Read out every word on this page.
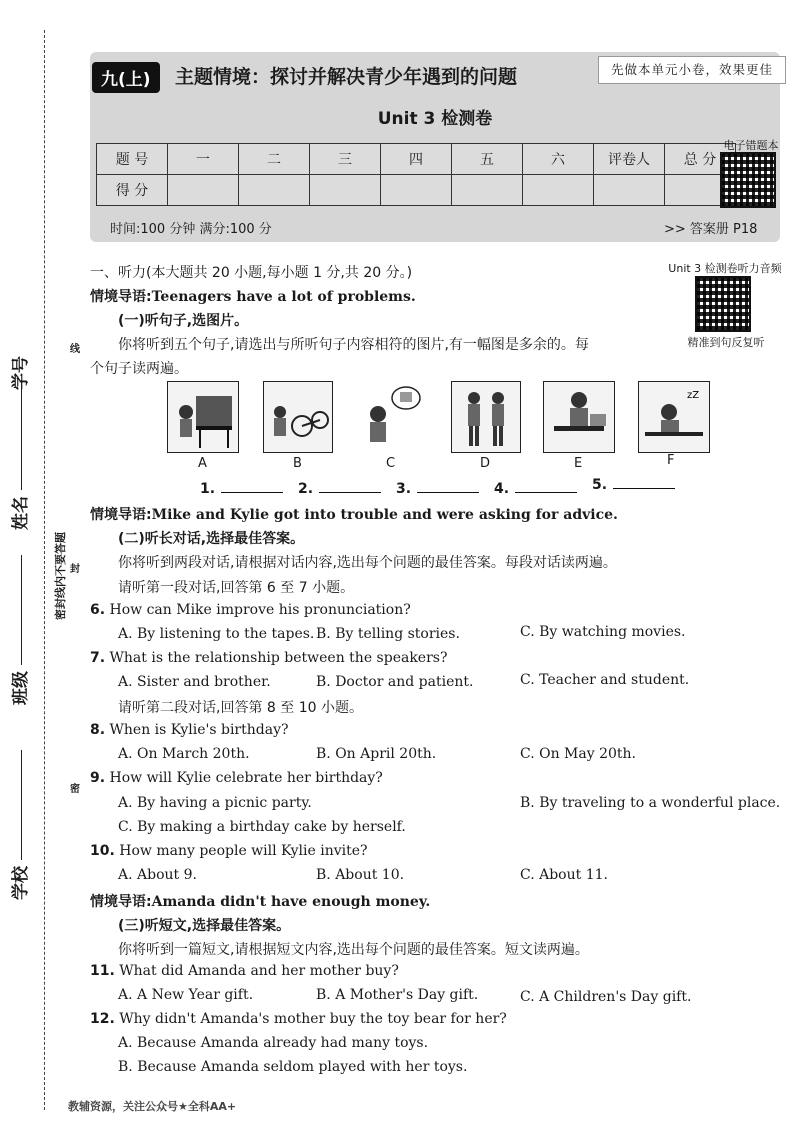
学校
班级
姓名
学号
密封线内不要答题
线
封
密
九(上)	主题情境：探讨并解决青少年遇到的问题	先做本单元小卷，效果更佳
Unit 3 检测卷
题 号	一	二	三	四	五	六	评卷人	总 分
得 分								
电子错题本
时间:100 分钟 满分:100 分	>> 答案册 P18
Unit 3 检测卷听力音频
精准到句反复听
一、听力(本大题共 20 小题,每小题 1 分,共 20 分。)
情境导语:Teenagers have a lot of problems.
(一)听句子,选图片。
你将听到五个句子,请选出与所听句子内容相符的图片,有一幅图是多余的。每
个句子读两遍。
zZ
A	B	C	D	E	F
1.	2.	3.	4.	5.
情境导语:Mike and Kylie got into trouble and were asking for advice.
(二)听长对话,选择最佳答案。
你将听到两段对话,请根据对话内容,选出每个问题的最佳答案。每段对话读两遍。
请听第一段对话,回答第 6 至 7 小题。
6. How can Mike improve his pronunciation?
A. By listening to the tapes. B. By telling stories.	C. By watching movies.
7. What is the relationship between the speakers?
A. Sister and brother.	B. Doctor and patient.	C. Teacher and student.
请听第二段对话,回答第 8 至 10 小题。
8. When is Kylie's birthday?
A. On March 20th.	B. On April 20th.	C. On May 20th.
9. How will Kylie celebrate her birthday?
A. By having a picnic party.	B. By traveling to a wonderful place.
C. By making a birthday cake by herself.
10. How many people will Kylie invite?
A. About 9.	B. About 10.	C. About 11.
情境导语:Amanda didn't have enough money.
(三)听短文,选择最佳答案。
你将听到一篇短文,请根据短文内容,选出每个问题的最佳答案。短文读两遍。
11. What did Amanda and her mother buy?
A. A New Year gift.	B. A Mother's Day gift.	C. A Children's Day gift.
12. Why didn't Amanda's mother buy the toy bear for her?
A. Because Amanda already had many toys.
B. Because Amanda seldom played with her toys.
教辅资源，关注公众号★全科AA+
